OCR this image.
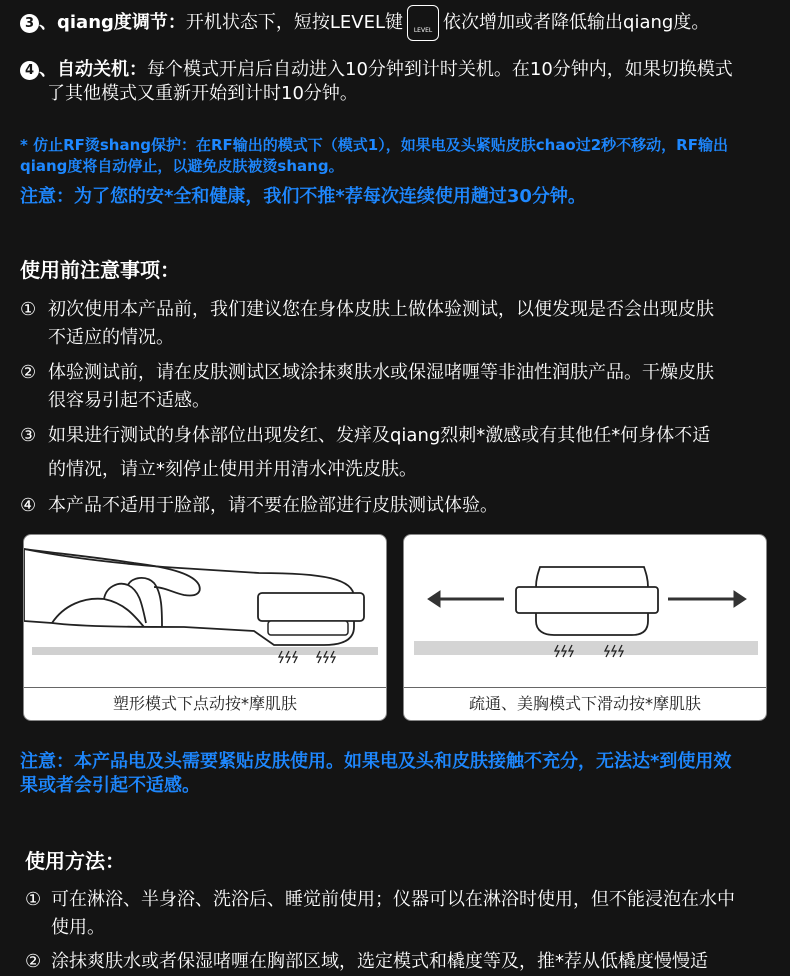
3 、qiang度调节：开机状态下，短按LEVEL键	LEVEL 依次增加或者降低输出qiang度。
4 、自动关机：每个模式开启后自动进入10分钟到计时关机。在10分钟内，如果切换模式
了其他模式又重新开始到计时10分钟。
* 仿止RF烫shang保护：在RF输出的模式下（模式1），如果电及头紧贴皮肤chao过2秒不移动，RF输出
qiang度将自动停止，以避免皮肤被烫shang。
注意：为了您的安*全和健康，我们不推*荐每次连续使用趟过30分钟。
使用前注意事项：
① 初次使用本产品前，我们建议您在身体皮肤上做体验测试，以便发现是否会出现皮肤
不适应的情况。
② 体验测试前，请在皮肤测试区域涂抹爽肤水或保湿啫喱等非油性润肤产品。干燥皮肤
很容易引起不适感。
③ 如果进行测试的身体部位出现发红、发痒及qiang烈刺*激感或有其他任*何身体不适
的情况，请立*刻停止使用并用清水冲洗皮肤。
④ 本产品不适用于脸部，请不要在脸部进行皮肤测试体验。
塑形模式下点动按*摩肌肤	疏通、美胸模式下滑动按*摩肌肤
注意：本产品电及头需要紧贴皮肤使用。如果电及头和皮肤接触不充分，无法达*到使用效
果或者会引起不适感。
使用方法：
① 可在淋浴、半身浴、洗浴后、睡觉前使用；仪器可以在淋浴时使用，但不能浸泡在水中
使用。
② 涂抹爽肤水或者保湿啫喱在胸部区域，选定模式和橇度等及，推*荐从低橇度慢慢适
